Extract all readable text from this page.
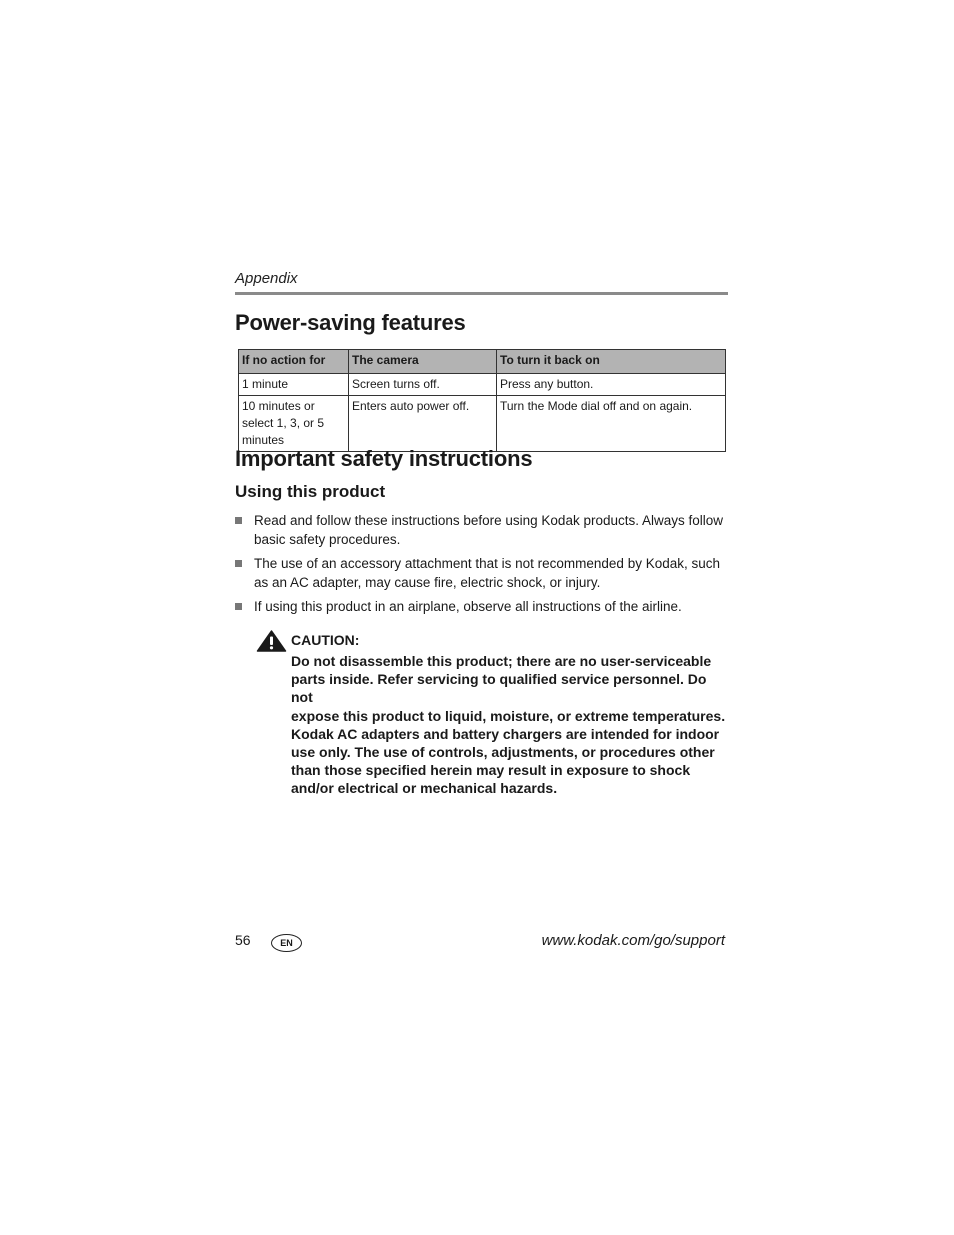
Appendix
Power-saving features
If no action for	The camera	To turn it back on
1 minute	Screen turns off.	Press any button.
10 minutes or select 1, 3, or 5 minutes	Enters auto power off.	Turn the Mode dial off and on again.
Important safety instructions
Using this product
Read and follow these instructions before using Kodak products. Always follow basic safety procedures.
The use of an accessory attachment that is not recommended by Kodak, such as an AC adapter, may cause fire, electric shock, or injury.
If using this product in an airplane, observe all instructions of the airline.
CAUTION:
Do not disassemble this product; there are no user-serviceable
parts inside. Refer servicing to qualified service personnel. Do not
expose this product to liquid, moisture, or extreme temperatures.
Kodak AC adapters and battery chargers are intended for indoor
use only. The use of controls, adjustments, or procedures other
than those specified herein may result in exposure to shock
and/or electrical or mechanical hazards.
56	EN	www.kodak.com/go/support
